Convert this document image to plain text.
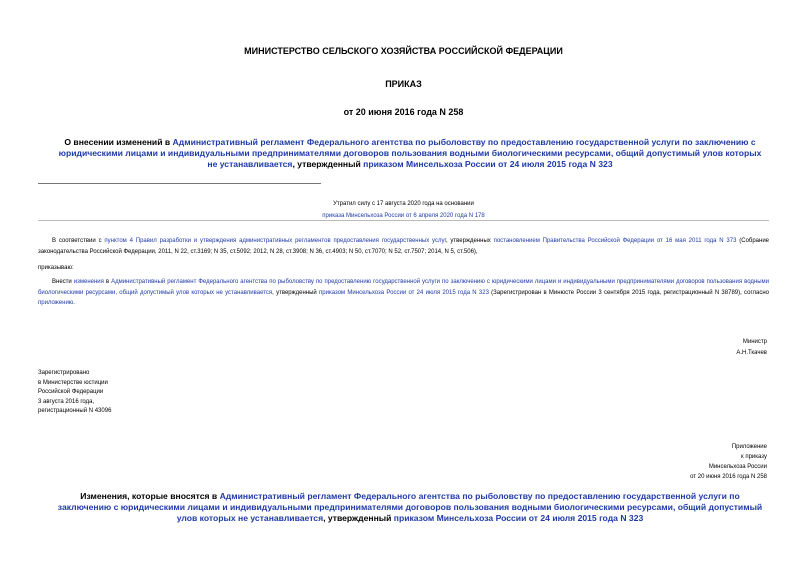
МИНИСТЕРСТВО СЕЛЬСКОГО ХОЗЯЙСТВА РОССИЙСКОЙ ФЕДЕРАЦИИ
ПРИКАЗ
от 20 июня 2016 года N 258
О внесении изменений в Административный регламент Федерального агентства по рыболовству по предоставлению государственной услуги по заключению с юридическими лицами и индивидуальными предпринимателями договоров пользования водными биологическими ресурсами, общий допустимый улов которых не устанавливается, утвержденный приказом Минсельхоза России от 24 июля 2015 года N 323
Утратил силу с 17 августа 2020 года на основании
приказа Минсельхоза России от 6 апреля 2020 года N 178
В соответствии с пунктом 4 Правил разработки и утверждения административных регламентов предоставления государственных услуг, утвержденных постановлением Правительства Российской Федерации от 16 мая 2011 года N 373 (Собрание законодательства Российской Федерации, 2011, N 22, ст.3169; N 35, ст.5092; 2012, N 28, ст.3908; N 36, ст.4903; N 50, ст.7070; N 52, ст.7507; 2014, N 5, ст.506),
приказываю:
Внести изменения в Административный регламент Федерального агентства по рыболовству по предоставлению государственной услуги по заключению с юридическими лицами и индивидуальными предпринимателями договоров пользования водными биологическими ресурсами, общий допустимый улов которых не устанавливается, утвержденный приказом Минсельхоза России от 24 июля 2015 года N 323 (Зарегистрирован в Минюсте России 3 сентября 2015 года, регистрационный N 38789), согласно приложению.
Министр
А.Н.Ткачев
Зарегистрировано
в Министерстве юстиции
Российской Федерации
3 августа 2016 года,
регистрационный N 43096
Приложение
к приказу
Минсельхоза России
от 20 июня 2016 года N 258
Изменения, которые вносятся в Административный регламент Федерального агентства по рыболовству по предоставлению государственной услуги по заключению с юридическими лицами и индивидуальными предпринимателями договоров пользования водными биологическими ресурсами, общий допустимый улов которых не устанавливается, утвержденный приказом Минсельхоза России от 24 июля 2015 года N 323
